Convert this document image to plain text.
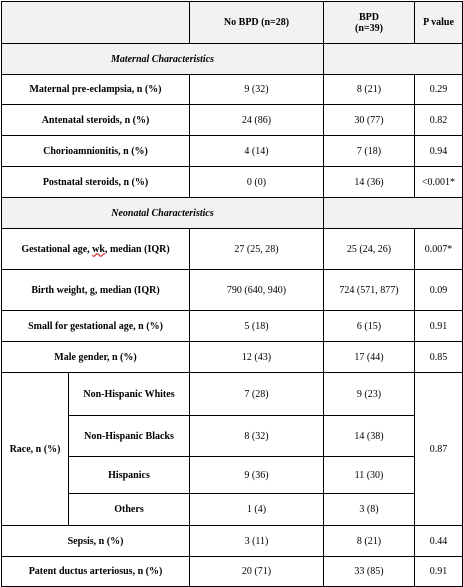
		No BPD (n=28)	BPD
(n=39)	P value
Maternal Characteristics				
Maternal pre-eclampsia, n (%)		9 (32)	8 (21)	0.29
Antenatal steroids, n (%)		24 (86)	30 (77)	0.82
Chorioamnionitis, n (%)		4 (14)	7 (18)	0.94
Postnatal steroids, n (%)		0 (0)	14 (36)	<0.001*
Neonatal Characteristics				
Gestational age, wk, median (IQR)		27 (25, 28)	25 (24, 26)	0.007*
Birth weight, g, median (IQR)		790 (640, 940)	724 (571, 877)	0.09
Small for gestational age, n (%)		5 (18)	6 (15)	0.91
Male gender, n (%)		12 (43)	17 (44)	0.85
Race, n (%)	Non-Hispanic Whites	7 (28)	9 (23)	0.87
	Non-Hispanic Blacks	8 (32)	14 (38)	
	Hispanics	9 (36)	11 (30)	
	Others	1 (4)	3 (8)	
Sepsis, n (%)		3 (11)	8 (21)	0.44
Patent ductus arteriosus, n (%)		20 (71)	33 (85)	0.91
